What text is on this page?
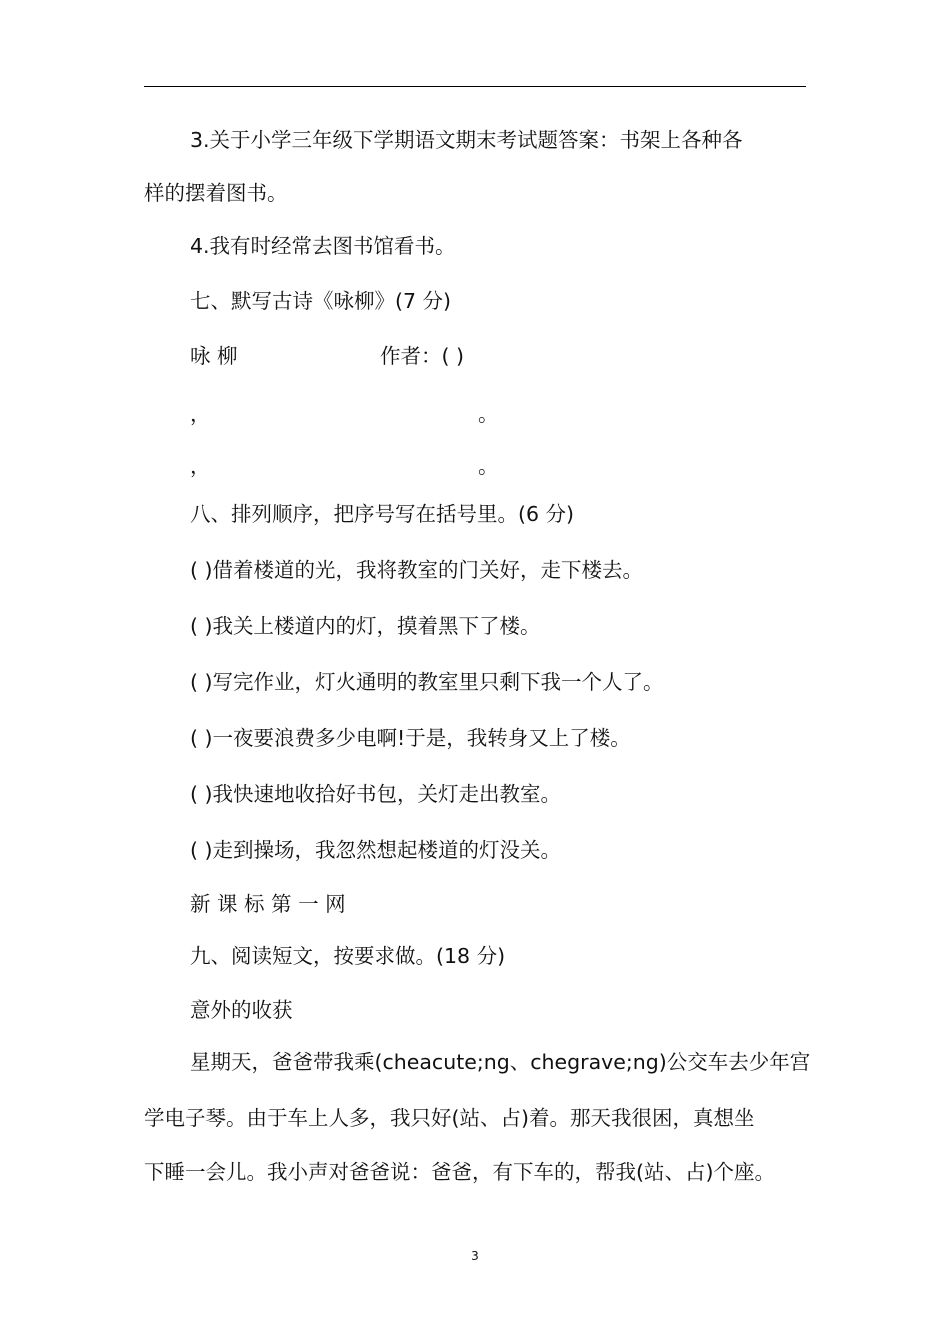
3.关于小学三年级下学期语文期末考试题答案：书架上各种各
样的摆着图书。
4.我有时经常去图书馆看书。
七、默写古诗《咏柳》(7 分)
咏 柳	作者：( )
，	。
，	。
八、排列顺序，把序号写在括号里。(6 分)
( )借着楼道的光，我将教室的门关好，走下楼去。
( )我关上楼道内的灯，摸着黑下了楼。
( )写完作业，灯火通明的教室里只剩下我一个人了。
( )一夜要浪费多少电啊!于是，我转身又上了楼。
( )我快速地收拾好书包，关灯走出教室。
( )走到操场，我忽然想起楼道的灯没关。
新 课 标 第 一 网
九、阅读短文，按要求做。(18 分)
意外的收获
星期天，爸爸带我乘(cheacute;ng、chegrave;ng)公交车去少年宫
学电子琴。由于车上人多，我只好(站、占)着。那天我很困，真想坐
下睡一会儿。我小声对爸爸说：爸爸，有下车的，帮我(站、占)个座。
3
